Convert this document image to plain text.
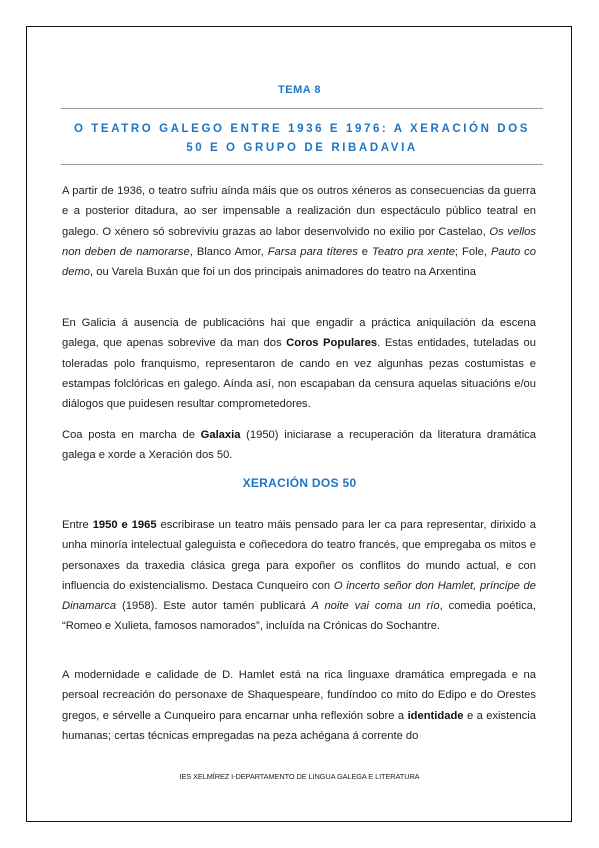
TEMA 8
O TEATRO GALEGO ENTRE 1936 E 1976: A XERACIÓN DOS
50 E O GRUPO DE RIBADAVIA
A partir de 1936, o teatro sufriu aínda máis que os outros xéneros as consecuencias da guerra e a posterior ditadura, ao ser impensable a realización dun espectáculo público teatral en galego. O xénero só sobreviviu grazas ao labor desenvolvido no exilio por Castelao, Os vellos non deben de namorarse, Blanco Amor, Farsa para títeres e Teatro pra xente; Fole, Pauto co demo, ou Varela Buxán que foi un dos principais animadores do teatro na Arxentina
En Galicia á ausencia de publicacións hai que engadir a práctica aniquilación da escena galega, que apenas sobrevive da man dos Coros Populares. Estas entidades, tuteladas ou toleradas polo franquismo, representaron de cando en vez algunhas pezas costumistas e estampas folclóricas en galego. Aínda así, non escapaban da censura aquelas situacións e/ou diálogos que puidesen resultar comprometedores.
Coa posta en marcha de Galaxia (1950) iniciarase a recuperación da literatura dramática galega e xorde a Xeración dos 50.
XERACIÓN DOS 50
Entre 1950 e 1965 escribirase un teatro máis pensado para ler ca para representar, dirixido a unha minoría intelectual galeguista e coñecedora do teatro francés, que empregaba os mitos e personaxes da traxedia clásica grega para expoñer os conflitos do mundo actual, e con influencia do existencialismo. Destaca Cunqueiro con O incerto señor don Hamlet, príncipe de Dinamarca (1958). Este autor tamén publicará A noite vai coma un río, comedia poética, “Romeo e Xulieta, famosos namorados”, incluída na Crónicas do Sochantre.
A modernidade e calidade de D. Hamlet está na rica linguaxe dramática empregada e na persoal recreación do personaxe de Shaquespeare, fundíndoo co mito do Edipo e do Orestes gregos, e sérvelle a Cunqueiro para encarnar unha reflexión sobre a identidade e a existencia humanas; certas técnicas empregadas na peza achéganа á corrente do
IES XELMÍREZ I-DEPARTAMENTO DE LINGUA GALEGA E LITERATURA
